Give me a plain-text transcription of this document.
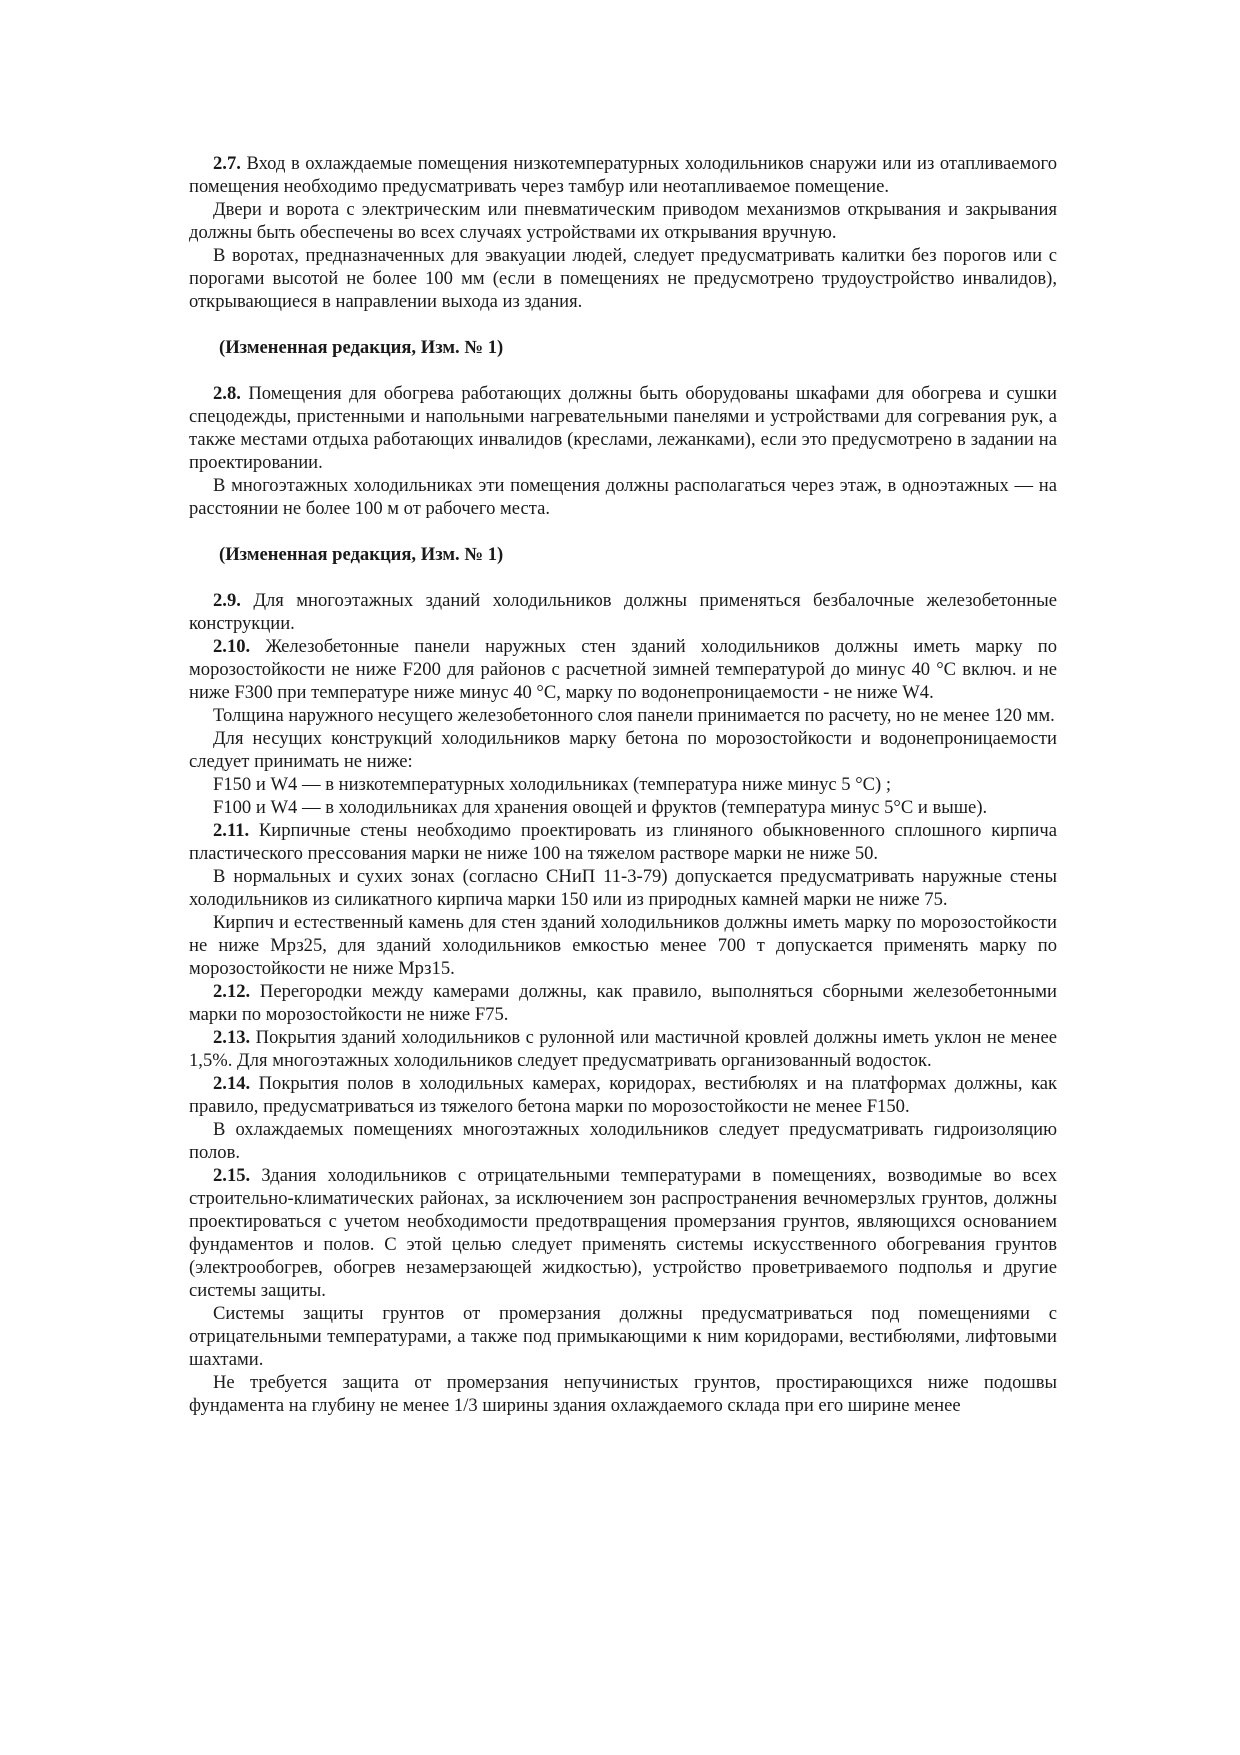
2.7. Вход в охлаждаемые помещения низкотемпературных холодильников снаружи или из отапливаемого помещения необходимо предусматривать через тамбур или неотапливаемое помещение.

Двери и ворота с электрическим или пневматическим приводом механизмов открывания и закрывания должны быть обеспечены во всех случаях устройствами их открывания вручную.

В воротах, предназначенных для эвакуации людей, следует предусматривать калитки без порогов или с порогами высотой не более 100 мм (если в помещениях не предусмотрено трудоустройство инвалидов), открывающиеся в направлении выхода из здания.

(Измененная редакция, Изм. № 1)

2.8. Помещения для обогрева работающих должны быть оборудованы шкафами для обогрева и сушки спецодежды, пристенными и напольными нагревательными панелями и устройствами для согревания рук, а также местами отдыха работающих инвалидов (креслами, лежанками), если это предусмотрено в задании на проектировании.

В многоэтажных холодильниках эти помещения должны располагаться через этаж, в одноэтажных — на расстоянии не более 100 м от рабочего места.

(Измененная редакция, Изм. № 1)

2.9. Для многоэтажных зданий холодильников должны применяться безбалочные железобетонные конструкции.

2.10. Железобетонные панели наружных стен зданий холодильников должны иметь марку по морозостойкости не ниже F200 для районов с расчетной зимней температурой до минус 40 °С включ. и не ниже F300 при температуре ниже минус 40 °С, марку по водонепроницаемости - не ниже W4.

Толщина наружного несущего железобетонного слоя панели принимается по расчету, но не менее 120 мм.

Для несущих конструкций холодильников марку бетона по морозостойкости и водонепроницаемости следует принимать не ниже:

F150 и W4 — в низкотемпературных холодильниках (температура ниже минус 5 °С) ;

F100 и W4 — в холодильниках для хранения овощей и фруктов (температура минус 5°С и выше).

2.11. Кирпичные стены необходимо проектировать из глиняного обыкновенного сплошного кирпича пластического прессования марки не ниже 100 на тяжелом растворе марки не ниже 50.

В нормальных и сухих зонах (согласно СНиП 11-3-79) допускается предусматривать наружные стены холодильников из силикатного кирпича марки 150 или из природных камней марки не ниже 75.

Кирпич и естественный камень для стен зданий холодильников должны иметь марку по морозостойкости не ниже Мрз25, для зданий холодильников емкостью менее 700 т допускается применять марку по морозостойкости не ниже Мрз15.

2.12. Перегородки между камерами должны, как правило, выполняться сборными железобетонными марки по морозостойкости не ниже F75.

2.13. Покрытия зданий холодильников с рулонной или мастичной кровлей должны иметь уклон не менее 1,5%. Для многоэтажных холодильников следует предусматривать организованный водосток.

2.14. Покрытия полов в холодильных камерах, коридорах, вестибюлях и на платформах должны, как правило, предусматриваться из тяжелого бетона марки по морозостойкости не менее F150.

В охлаждаемых помещениях многоэтажных холодильников следует предусматривать гидроизоляцию полов.

2.15. Здания холодильников с отрицательными температурами в помещениях, возводимые во всех строительно-климатических районах, за исключением зон распространения вечномерзлых грунтов, должны проектироваться с учетом необходимости предотвращения промерзания грунтов, являющихся основанием фундаментов и полов. С этой целью следует применять системы искусственного обогревания грунтов (электрообогрев, обогрев незамерзающей жидкостью), устройство проветриваемого подполья и другие системы защиты.

Системы защиты грунтов от промерзания должны предусматриваться под помещениями с отрицательными температурами, а также под примыкающими к ним коридорами, вестибюлями, лифтовыми шахтами.

Не требуется защита от промерзания непучинистых грунтов, простирающихся ниже подошвы фундамента на глубину не менее 1/3 ширины здания охлаждаемого склада при его ширине менее
